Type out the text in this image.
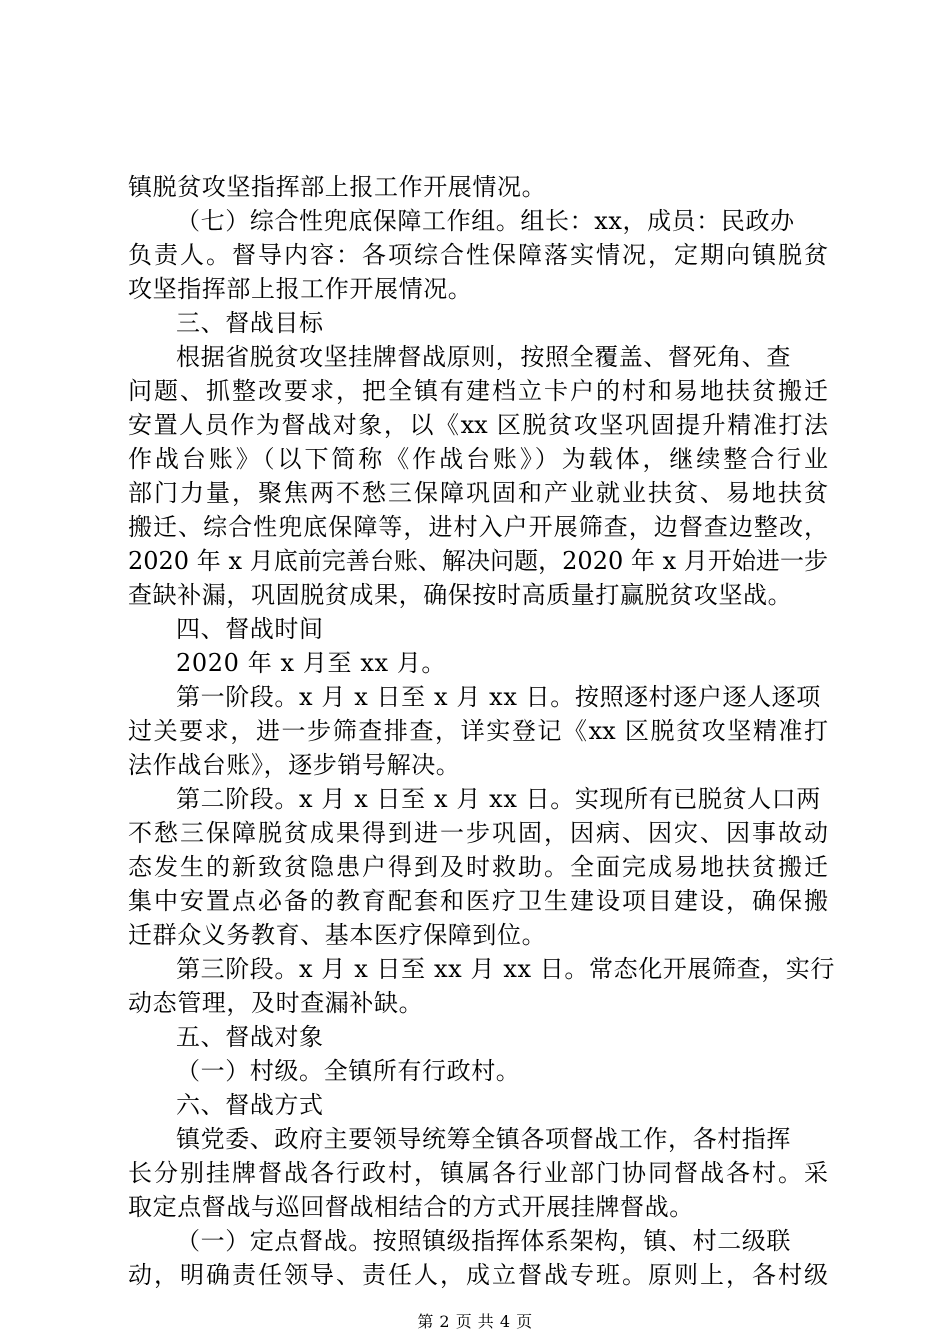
镇脱贫攻坚指挥部上报工作开展情况。
（七）综合性兜底保障工作组。组长：xx，成员：民政办
负责人。督导内容：各项综合性保障落实情况，定期向镇脱贫
攻坚指挥部上报工作开展情况。
三、督战目标
根据省脱贫攻坚挂牌督战原则，按照全覆盖、督死角、查
问题、抓整改要求，把全镇有建档立卡户的村和易地扶贫搬迁
安置人员作为督战对象，以《xx 区脱贫攻坚巩固提升精准打法
作战台账》（以下简称《作战台账》）为载体，继续整合行业
部门力量，聚焦两不愁三保障巩固和产业就业扶贫、易地扶贫
搬迁、综合性兜底保障等，进村入户开展筛查，边督查边整改，
2020 年 x 月底前完善台账、解决问题，2020 年 x 月开始进一步
查缺补漏，巩固脱贫成果，确保按时高质量打赢脱贫攻坚战。
四、督战时间
2020 年 x 月至 xx 月。
第一阶段。x 月 x 日至 x 月 xx 日。按照逐村逐户逐人逐项
过关要求，进一步筛查排查，详实登记《xx 区脱贫攻坚精准打
法作战台账》，逐步销号解决。
第二阶段。x 月 x 日至 x 月 xx 日。实现所有已脱贫人口两
不愁三保障脱贫成果得到进一步巩固，因病、因灾、因事故动
态发生的新致贫隐患户得到及时救助。全面完成易地扶贫搬迁
集中安置点必备的教育配套和医疗卫生建设项目建设，确保搬
迁群众义务教育、基本医疗保障到位。
第三阶段。x 月 x 日至 xx 月 xx 日。常态化开展筛查，实行
动态管理，及时查漏补缺。
五、督战对象
（一）村级。全镇所有行政村。
六、督战方式
镇党委、政府主要领导统筹全镇各项督战工作，各村指挥
长分别挂牌督战各行政村，镇属各行业部门协同督战各村。采
取定点督战与巡回督战相结合的方式开展挂牌督战。
（一）定点督战。按照镇级指挥体系架构，镇、村二级联
动，明确责任领导、责任人，成立督战专班。原则上，各村级
第 2 页 共 4 页
